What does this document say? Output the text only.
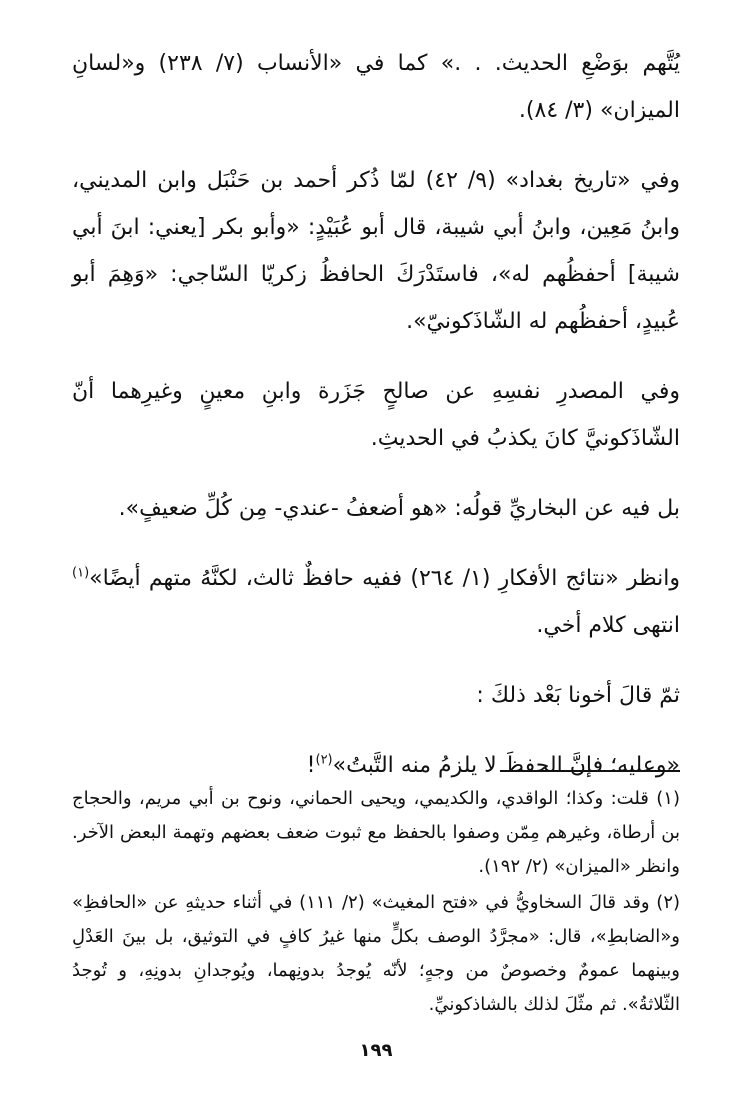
يُتَّهم بوَضْعِ الحديث. . .» كما في «الأنساب (٧/ ٢٣٨) و«لسانِ الميزان» (٣/ ٨٤).

وفي «تاريخ بغداد» (٩/ ٤٢) لمّا ذُكر أحمد بن حَنْبَل وابن المديني، وابنُ مَعِين، وابنُ أبي شيبة، قال أبو عُبَيْدٍ: «وأبو بكر [يعني: ابنَ أبي شيبة] أحفظُهم له»، فاستَدْرَكَ الحافظُ زكريّا السّاجي: «وَهِمَ أبو عُبيدٍ، أحفظُهم له الشّاذَكونيّ».

وفي المصدرِ نفسِهِ عن صالحٍ جَزَرة وابنِ معينٍ وغيرِهما أنّ الشّاذَكونيَّ كانَ يكذبُ في الحديثِ.

بل فيه عن البخاريِّ قولُه: «هو أضعفُ -عندي- مِن كُلِّ ضعيفٍ».

وانظر «نتائج الأفكارِ (١/ ٢٦٤) ففيه حافظٌ ثالث، لكنَّهُ متهم أيضًا»$^{(١)}$ انتهى كلام أخي.

ثمّ قالَ أخونا بَعْد ذلكَ :

«وعليه؛ فإنَّ الحفظَ لا يلزمُ منه التَّبتُ»$^{(٢)}$!

(١) قلت: وكذا؛ الواقدي، والكديمي، ويحيى الحماني، ونوح بن أبي مريم، والحجاج بن أرطاة، وغيرهم مِمّن وصفوا بالحفظ مع ثبوت ضعف بعضهم وتهمة البعض الآخر. وانظر «الميزان» (٢/ ١٩٢).

(٢) وقد قالَ السخاويُّ في «فتح المغيث» (٢/ ١١١) في أثناء حديثهِ عن «الحافظِ» و«الضابطِ»، قال: «مجرَّدُ الوصف بكلٍّ منها غيرُ كافٍ في التوثيق، بل بينَ العَدْلِ وبينهما عمومٌ وخصوصٌ من وجهٍ؛ لأنّه يُوجدُ بدونِهما، ويُوجدانِ بدونِهِ، و تُوجدُ الثّلاثةُ». ثم مثّلَ لذلك بالشاذكونيِّ.

١٩٩
